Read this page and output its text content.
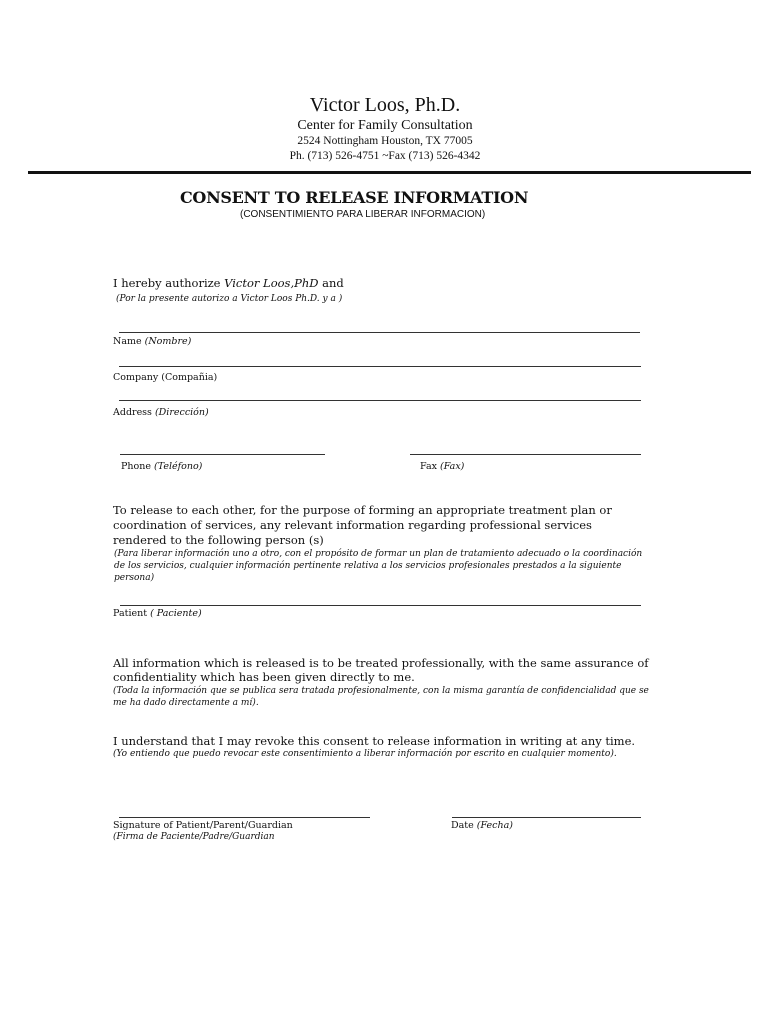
Victor Loos, Ph.D.
Center for Family Consultation
2524 Nottingham Houston, TX 77005
Ph. (713) 526-4751 ~Fax (713) 526-4342
CONSENT TO RELEASE INFORMATION
(CONSENTIMIENTO PARA LIBERAR INFORMACION)
I hereby authorize Victor Loos,PhD and
(Por la presente autorizo a Victor Loos Ph.D. y a )
Name (Nombre)
Company (Compañia)
Address (Dirección)
Phone (Teléfono)	Fax (Fax)

To release to each other, for the purpose of forming an appropriate treatment plan or coordination of services, any relevant information regarding professional services rendered to the following person (s)

(Para liberar información uno a otro, con el propósito de formar un plan de tratamiento adecuado o la coordinación de los servicios, cualquier información pertinente relativa a los servicios profesionales prestados a la siguiente persona)

Patient ( Paciente)

All information which is released is to be treated professionally, with the same assurance of confidentiality which has been given directly to me.

(Toda la información que se publica sera tratada profesionalmente, con la misma garantía de confidencialidad que se me ha dado directamente a mí).

I understand that I may revoke this consent to release information in writing at any time.

(Yo entiendo que puedo revocar este consentimiento a liberar información por escrito en cualquier momento).

Signature of Patient/Parent/Guardian
(Firma de Paciente/Padre/Guardian
Date (Fecha)
